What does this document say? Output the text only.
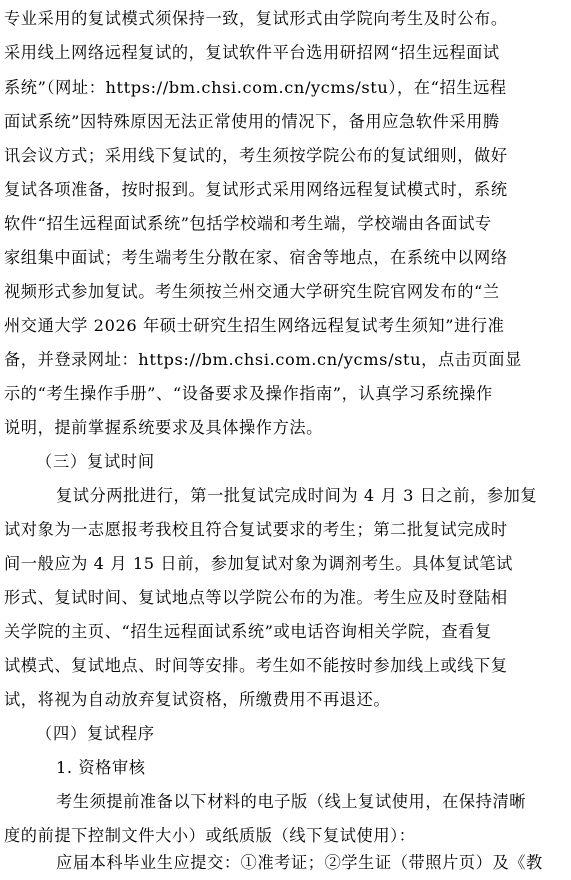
专业采用的复试模式须保持一致，复试形式由学院向考生及时公布。
采用线上网络远程复试的，复试软件平台选用研招网“招生远程面试
系统”（网址：https://bm.chsi.com.cn/ycms/stu），在“招生远程
面试系统”因特殊原因无法正常使用的情况下，备用应急软件采用腾
讯会议方式；采用线下复试的，考生须按学院公布的复试细则，做好
复试各项准备，按时报到。复试形式采用网络远程复试模式时，系统
软件“招生远程面试系统”包括学校端和考生端，学校端由各面试专
家组集中面试；考生端考生分散在家、宿舍等地点，在系统中以网络
视频形式参加复试。考生须按兰州交通大学研究生院官网发布的“兰
州交通大学 2026 年硕士研究生招生网络远程复试考生须知”进行准
备，并登录网址：https://bm.chsi.com.cn/ycms/stu，点击页面显
示的“考生操作手册”、“设备要求及操作指南”，认真学习系统操作
说明，提前掌握系统要求及具体操作方法。
（三）复试时间
复试分两批进行，第一批复试完成时间为 4 月 3 日之前，参加复
试对象为一志愿报考我校且符合复试要求的考生；第二批复试完成时
间一般应为 4 月 15 日前，参加复试对象为调剂考生。具体复试笔试
形式、复试时间、复试地点等以学院公布的为准。考生应及时登陆相
关学院的主页、“招生远程面试系统”或电话咨询相关学院，查看复
试模式、复试地点、时间等安排。考生如不能按时参加线上或线下复
试，将视为自动放弃复试资格，所缴费用不再退还。
（四）复试程序
1. 资格审核
考生须提前准备以下材料的电子版（线上复试使用，在保持清晰
度的前提下控制文件大小）或纸质版（线下复试使用）：
应届本科毕业生应提交：①准考证；②学生证（带照片页）及《教
